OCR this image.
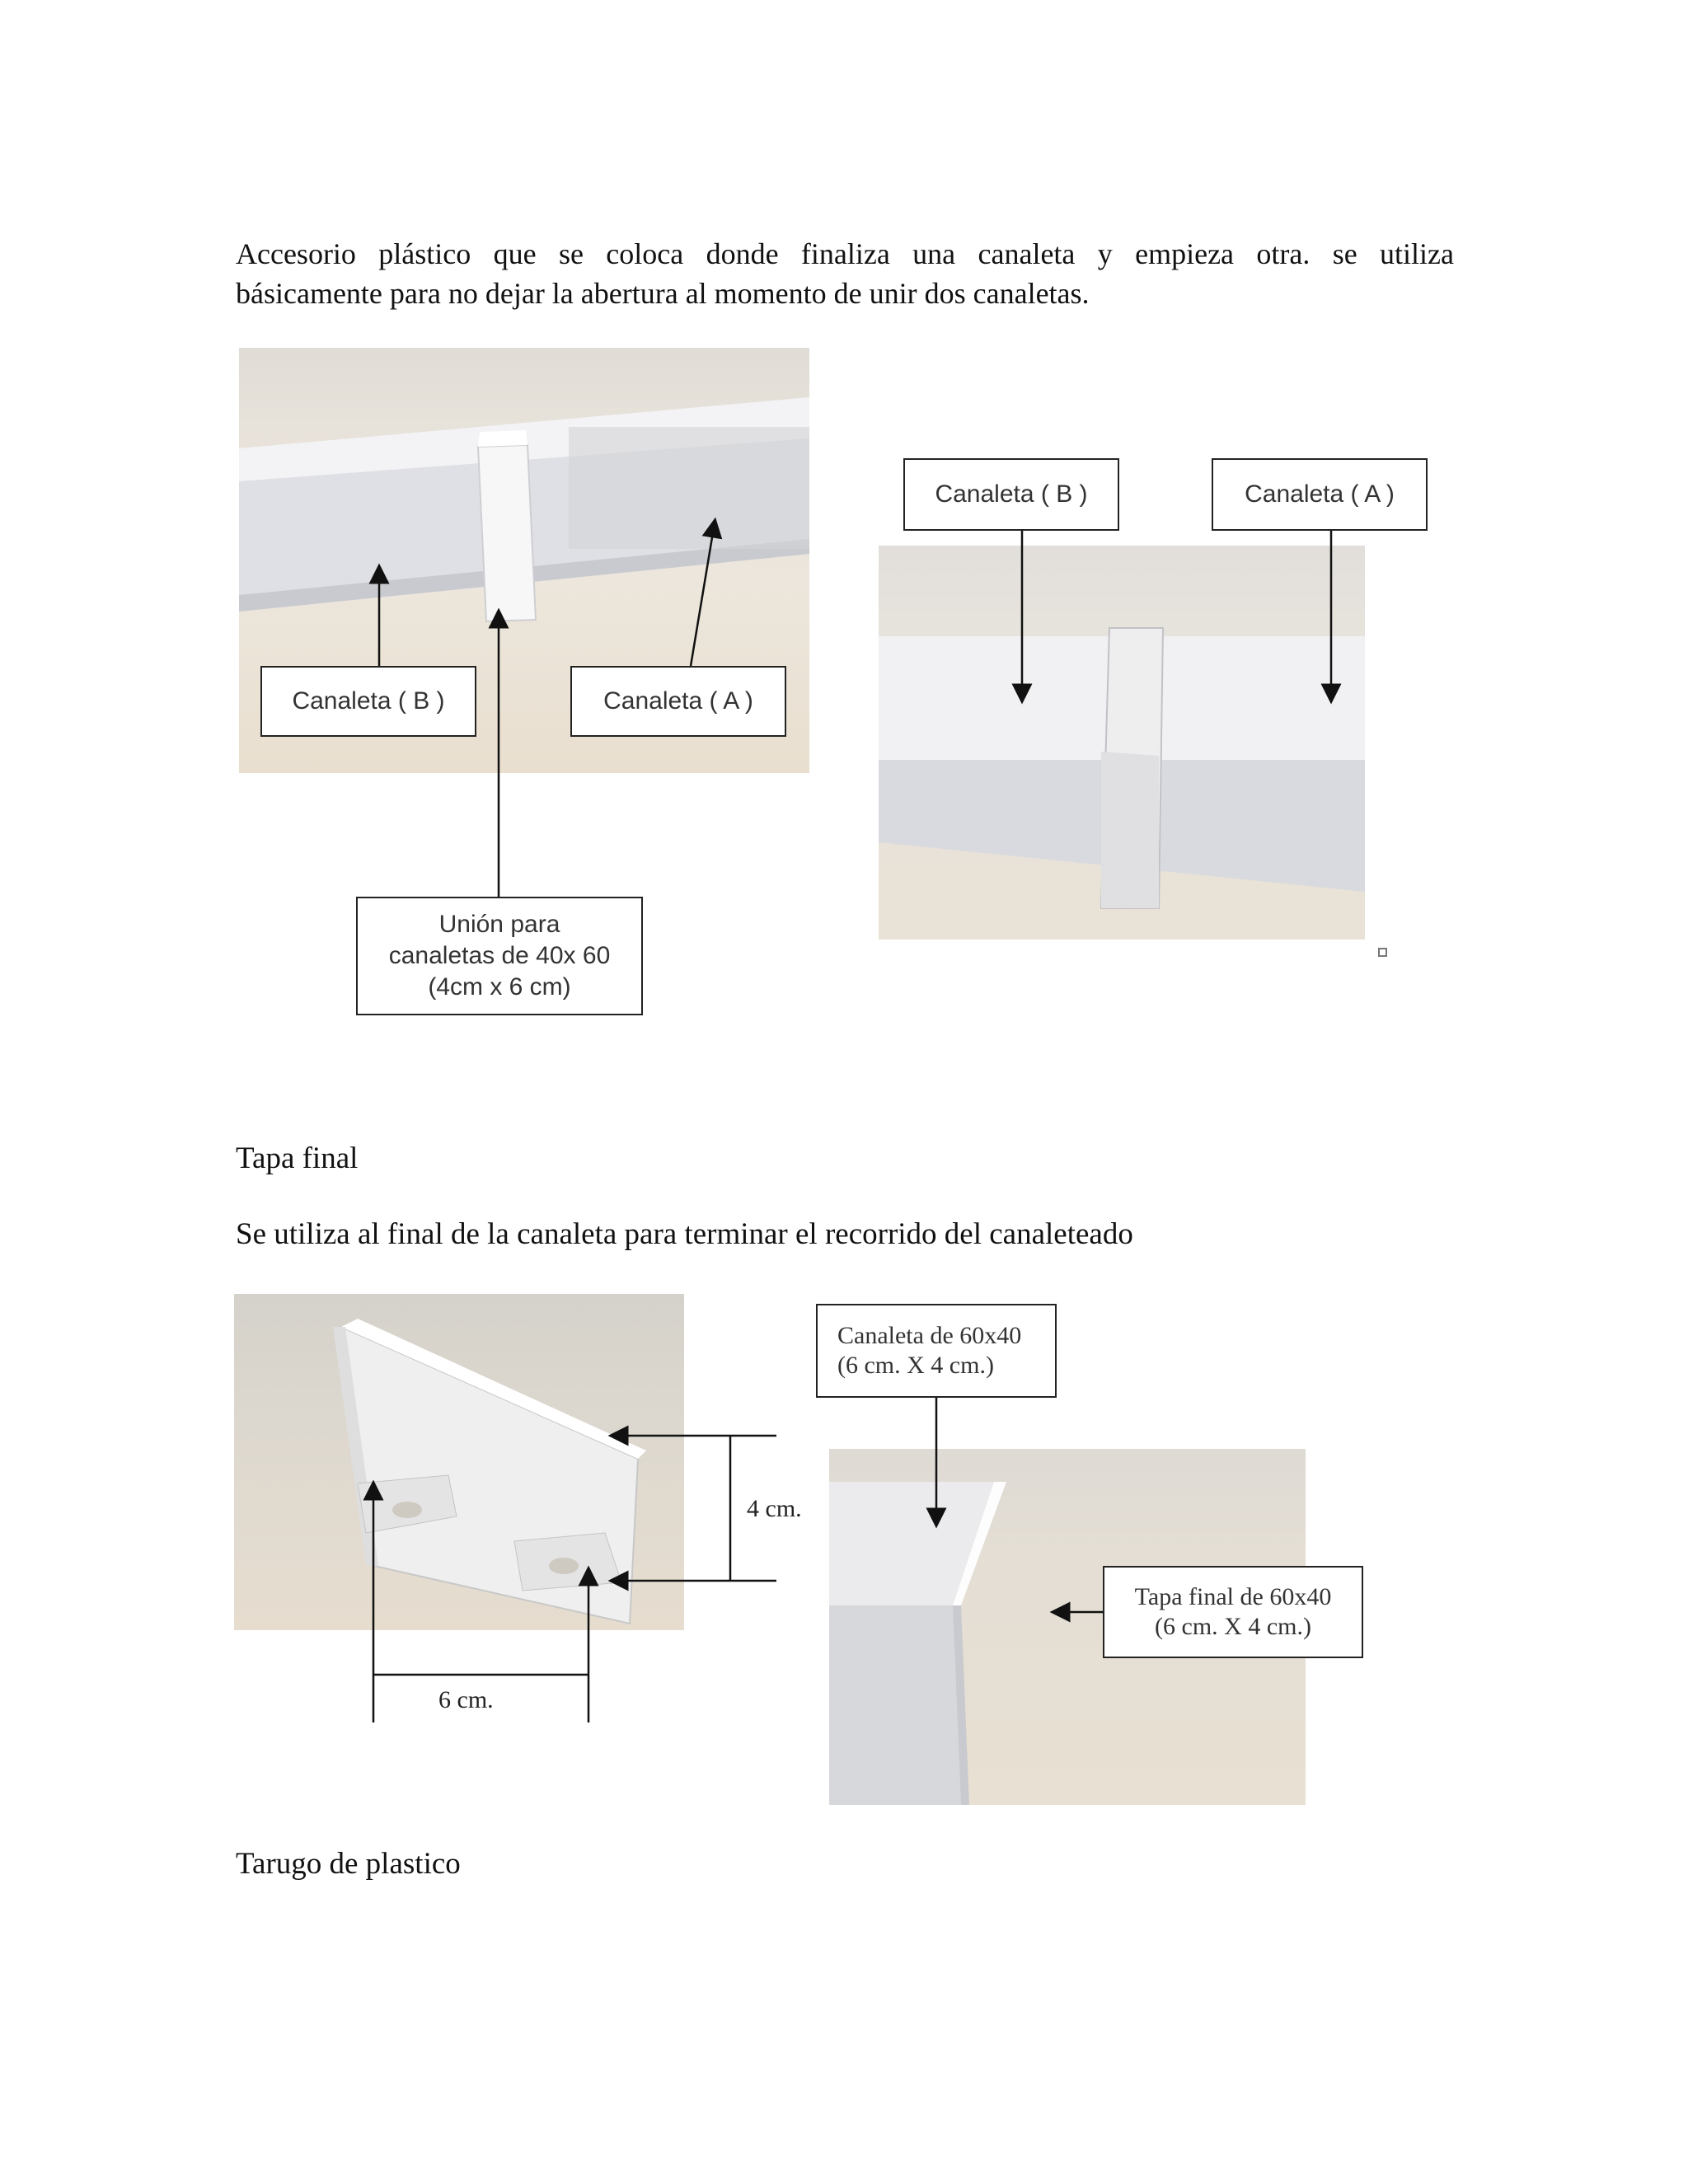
Accesorio plástico que se coloca donde finaliza una canaleta y empieza otra. se utiliza

básicamente para no dejar la abertura al momento de unir dos canaletas.

Canaleta ( B )	Canaleta ( A )
Unión para
canaletas de 40x 60
(4cm x 6 cm)
Canaleta ( B )	Canaleta ( A )

Tapa final

Se utiliza al final de la canaleta para terminar el recorrido del canaleteado

4 cm.
6 cm.
Canaleta de 60x40
(6 cm. X 4 cm.)
Tapa final de 60x40
(6 cm. X 4 cm.)

Tarugo de plastico
